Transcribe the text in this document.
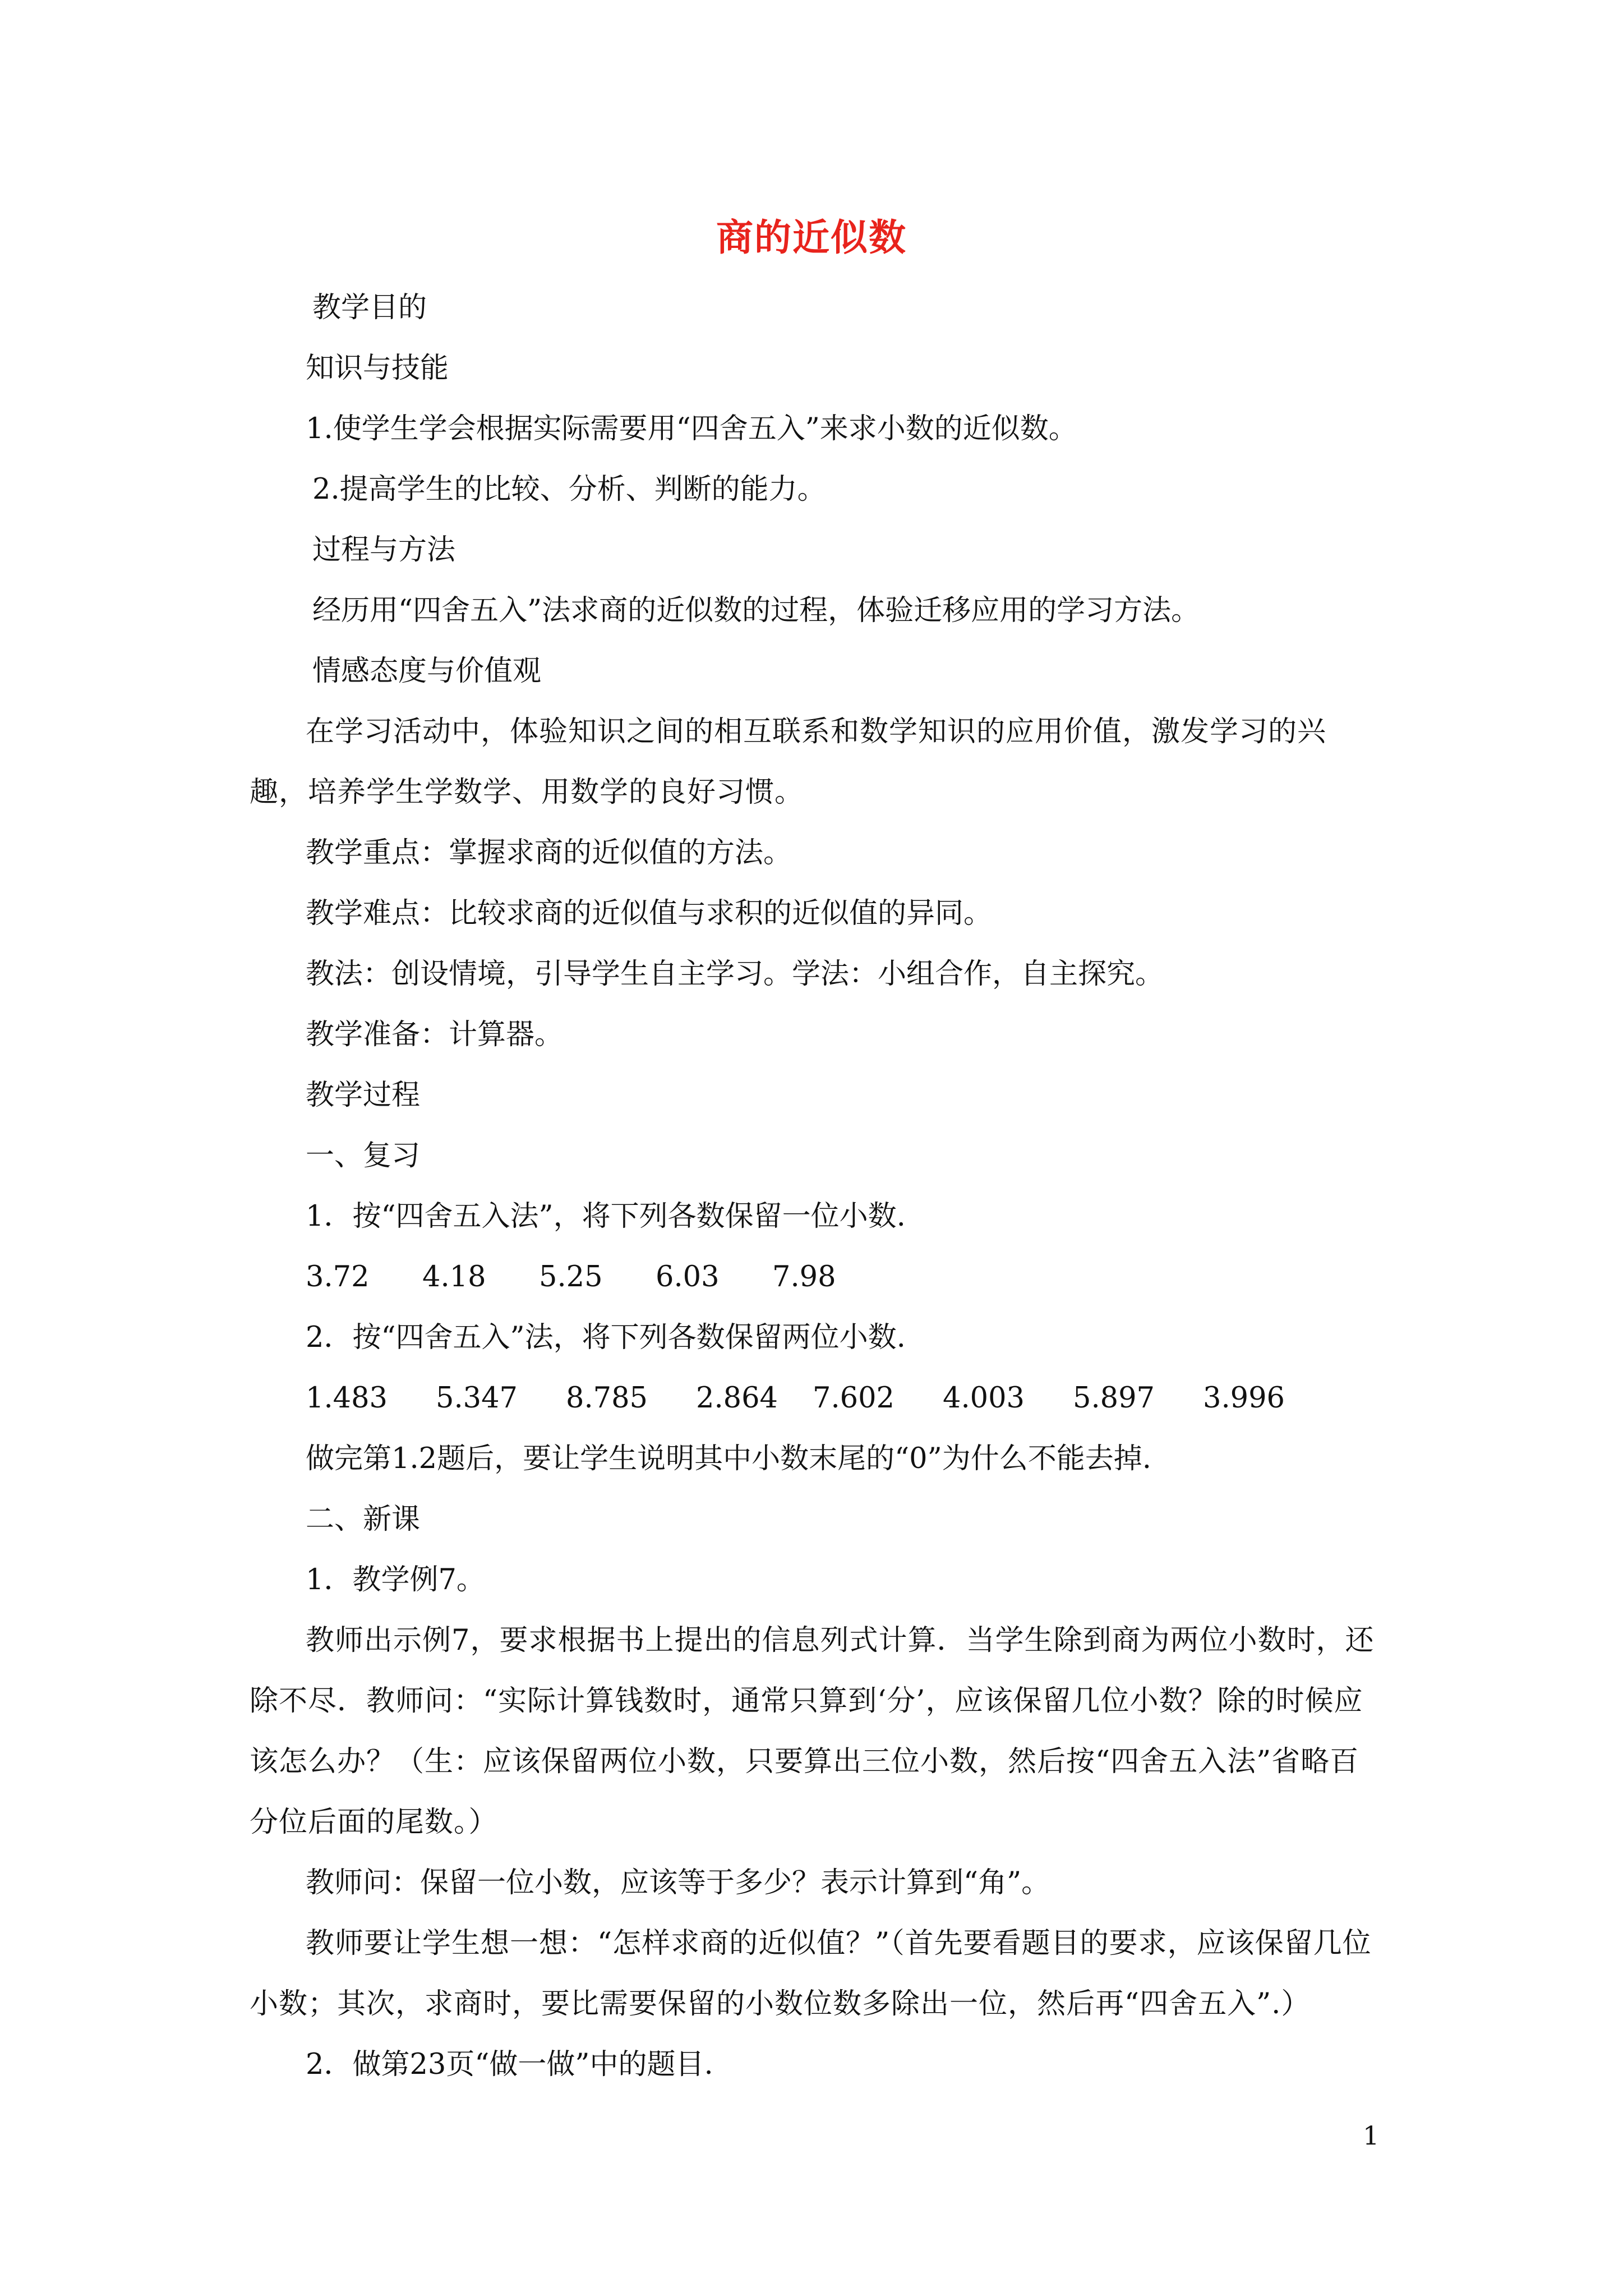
商的近似数

教学目的

知识与技能

1.使学生学会根据实际需要用“四舍五入”来求小数的近似数。

2.提高学生的比较、分析、判断的能力。

过程与方法

经历用“四舍五入”法求商的近似数的过程，体验迁移应用的学习方法。

情感态度与价值观

在学习活动中，体验知识之间的相互联系和数学知识的应用价值，激发学习的兴趣，培养学生学数学、用数学的良好习惯。

教学重点：掌握求商的近似值的方法。

教学难点：比较求商的近似值与求积的近似值的异同。

教法：创设情境，引导学生自主学习。学法：小组合作，自主探究。

教学准备：计算器。

教学过程

一、复习

1．按“四舍五入法”，将下列各数保留一位小数.

3.72	4.18	5.25	6.03	7.98

2．按“四舍五入”法，将下列各数保留两位小数.

1.483	5.347	8.785	2.864	7.602	4.003	5.897	3.996

做完第1.2题后，要让学生说明其中小数末尾的“0”为什么不能去掉.

二、新课

1．教学例7。

教师出示例7，要求根据书上提出的信息列式计算．当学生除到商为两位小数时，还除不尽．教师问：“实际计算钱数时，通常只算到‘分’，应该保留几位小数？除的时候应该怎么办？（生：应该保留两位小数，只要算出三位小数，然后按“四舍五入法”省略百分位后面的尾数。）

教师问：保留一位小数，应该等于多少？表示计算到“角”。

教师要让学生想一想：“怎样求商的近似值？”（首先要看题目的要求，应该保留几位小数；其次，求商时，要比需要保留的小数位数多除出一位，然后再“四舍五入”.）

2．做第23页“做一做”中的题目.

1
